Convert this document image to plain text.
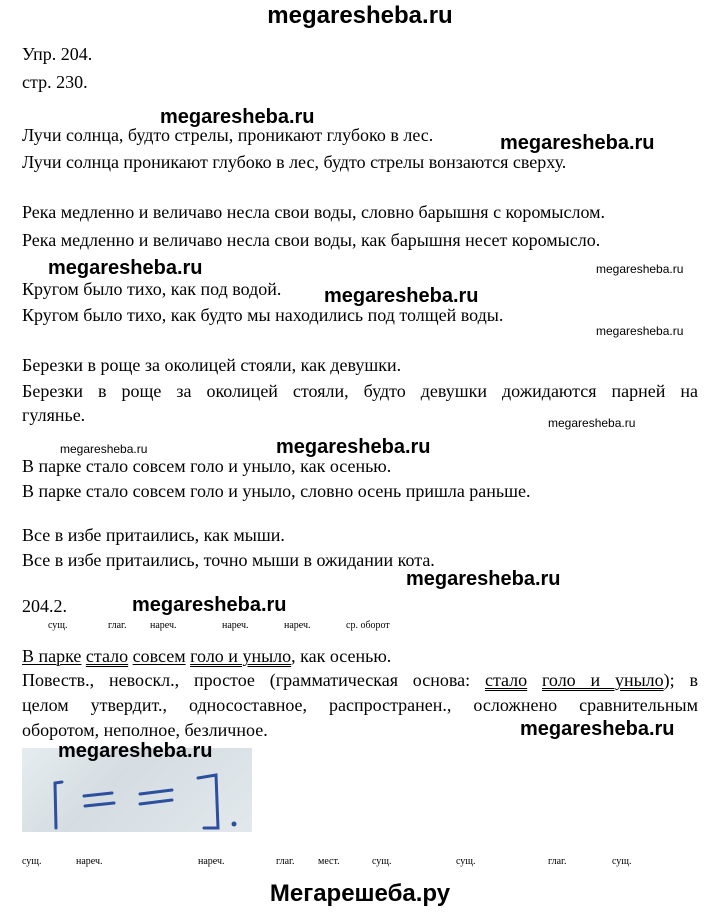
megaresheba.ru
Упр. 204.
стр. 230.
megaresheba.ru
Лучи солнца, будто стрелы, проникают глубоко в лес.	megaresheba.ru
Лучи солнца проникают глубоко в лес, будто стрелы вонзаются сверху.
Река медленно и величаво несла свои воды, словно барышня с коромыслом.
Река медленно и величаво несла свои воды, как барышня несет коромысло.
megaresheba.ru	megaresheba.ru
Кругом было тихо, как под водой. megaresheba.ru
Кругом было тихо, как будто мы находились под толщей воды.
megaresheba.ru
Березки в роще за околицей стояли, как девушки.
Березки в роще за околицей стояли, будто девушки дожидаются парней на
гулянье.	megaresheba.ru
megaresheba.ru	megaresheba.ru
В парке стало совсем голо и уныло, как осенью.
В парке стало совсем голо и уныло, словно осень пришла раньше.
Все в избе притаились, как мыши.
Все в избе притаились, точно мыши в ожидании кота.
megaresheba.ru
204.2.	megaresheba.ru
сущ.	глаг. нареч.	нареч.	нареч.	ср. оборот
В парке стало совсем голо и уныло, как осенью.
Повеств., невоскл., простое (грамматическая основа: стало голо и уныло); в
целом утвердит., односоставное, распространен., осложнено сравнительным
оборотом, неполное, безличное.	megaresheba.ru
megaresheba.ru
сущ.	нареч.	нареч.	глаг. мест.	сущ.	сущ.	глаг.	сущ.
Мегарешеба.ру
